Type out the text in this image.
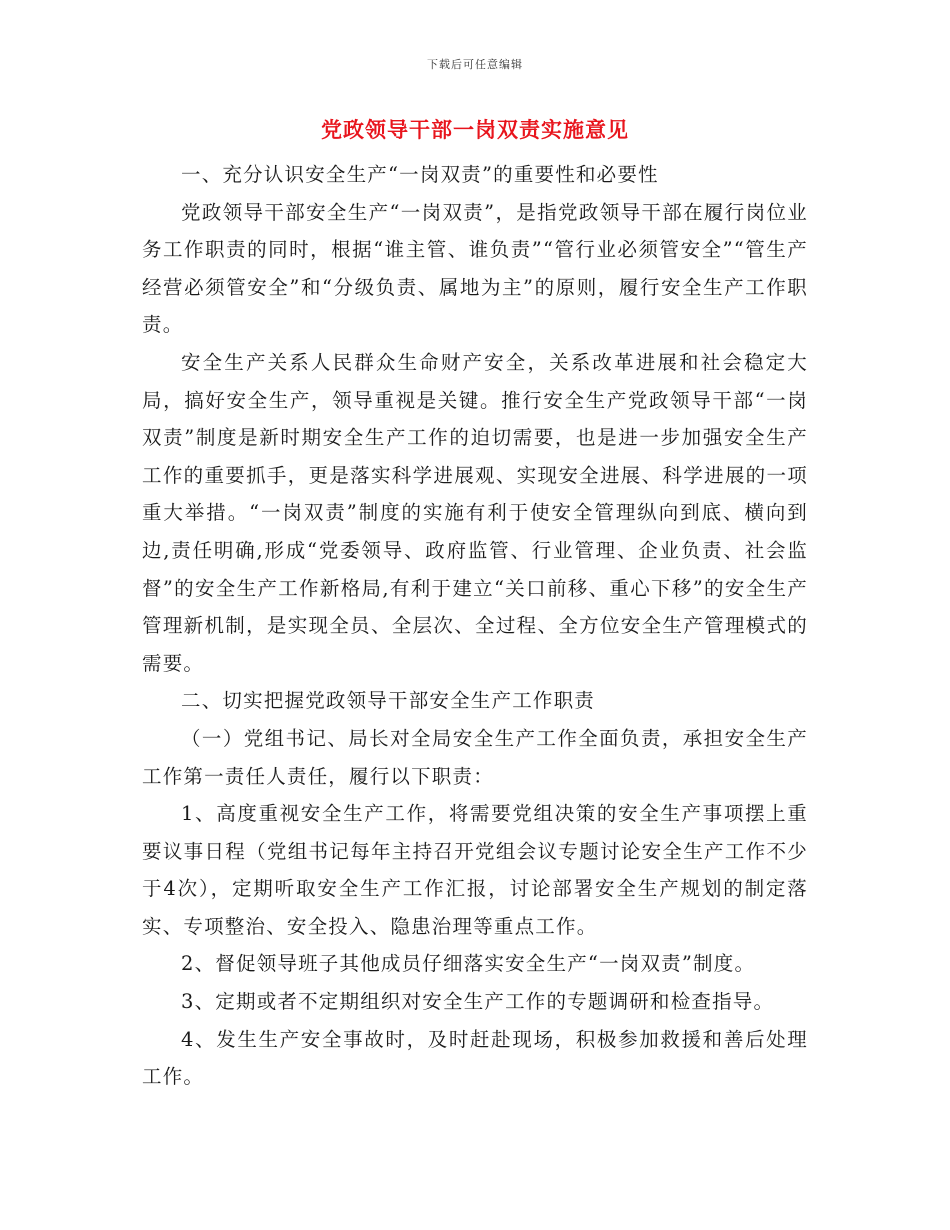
下载后可任意编辑
党政领导干部一岗双责实施意见

一、充分认识安全生产“一岗双责”的重要性和必要性

党政领导干部安全生产“一岗双责”，是指党政领导干部在履行岗位业务工作职责的同时，根据“谁主管、谁负责”“管行业必须管安全”“管生产经营必须管安全”和“分级负责、属地为主”的原则，履行安全生产工作职责。

安全生产关系人民群众生命财产安全，关系改革进展和社会稳定大局，搞好安全生产，领导重视是关键。推行安全生产党政领导干部“一岗双责”制度是新时期安全生产工作的迫切需要，也是进一步加强安全生产工作的重要抓手，更是落实科学进展观、实现安全进展、科学进展的一项重大举措。“一岗双责”制度的实施有利于使安全管理纵向到底、横向到边,责任明确,形成“党委领导、政府监管、行业管理、企业负责、社会监督”的安全生产工作新格局,有利于建立“关口前移、重心下移”的安全生产管理新机制，是实现全员、全层次、全过程、全方位安全生产管理模式的需要。

二、切实把握党政领导干部安全生产工作职责

（一）党组书记、局长对全局安全生产工作全面负责，承担安全生产工作第一责任人责任，履行以下职责：

1、高度重视安全生产工作，将需要党组决策的安全生产事项摆上重要议事日程（党组书记每年主持召开党组会议专题讨论安全生产工作不少于4次），定期听取安全生产工作汇报，讨论部署安全生产规划的制定落实、专项整治、安全投入、隐患治理等重点工作。

2、督促领导班子其他成员仔细落实安全生产“一岗双责”制度。

3、定期或者不定期组织对安全生产工作的专题调研和检查指导。

4、发生生产安全事故时，及时赶赴现场，积极参加救援和善后处理工作。
